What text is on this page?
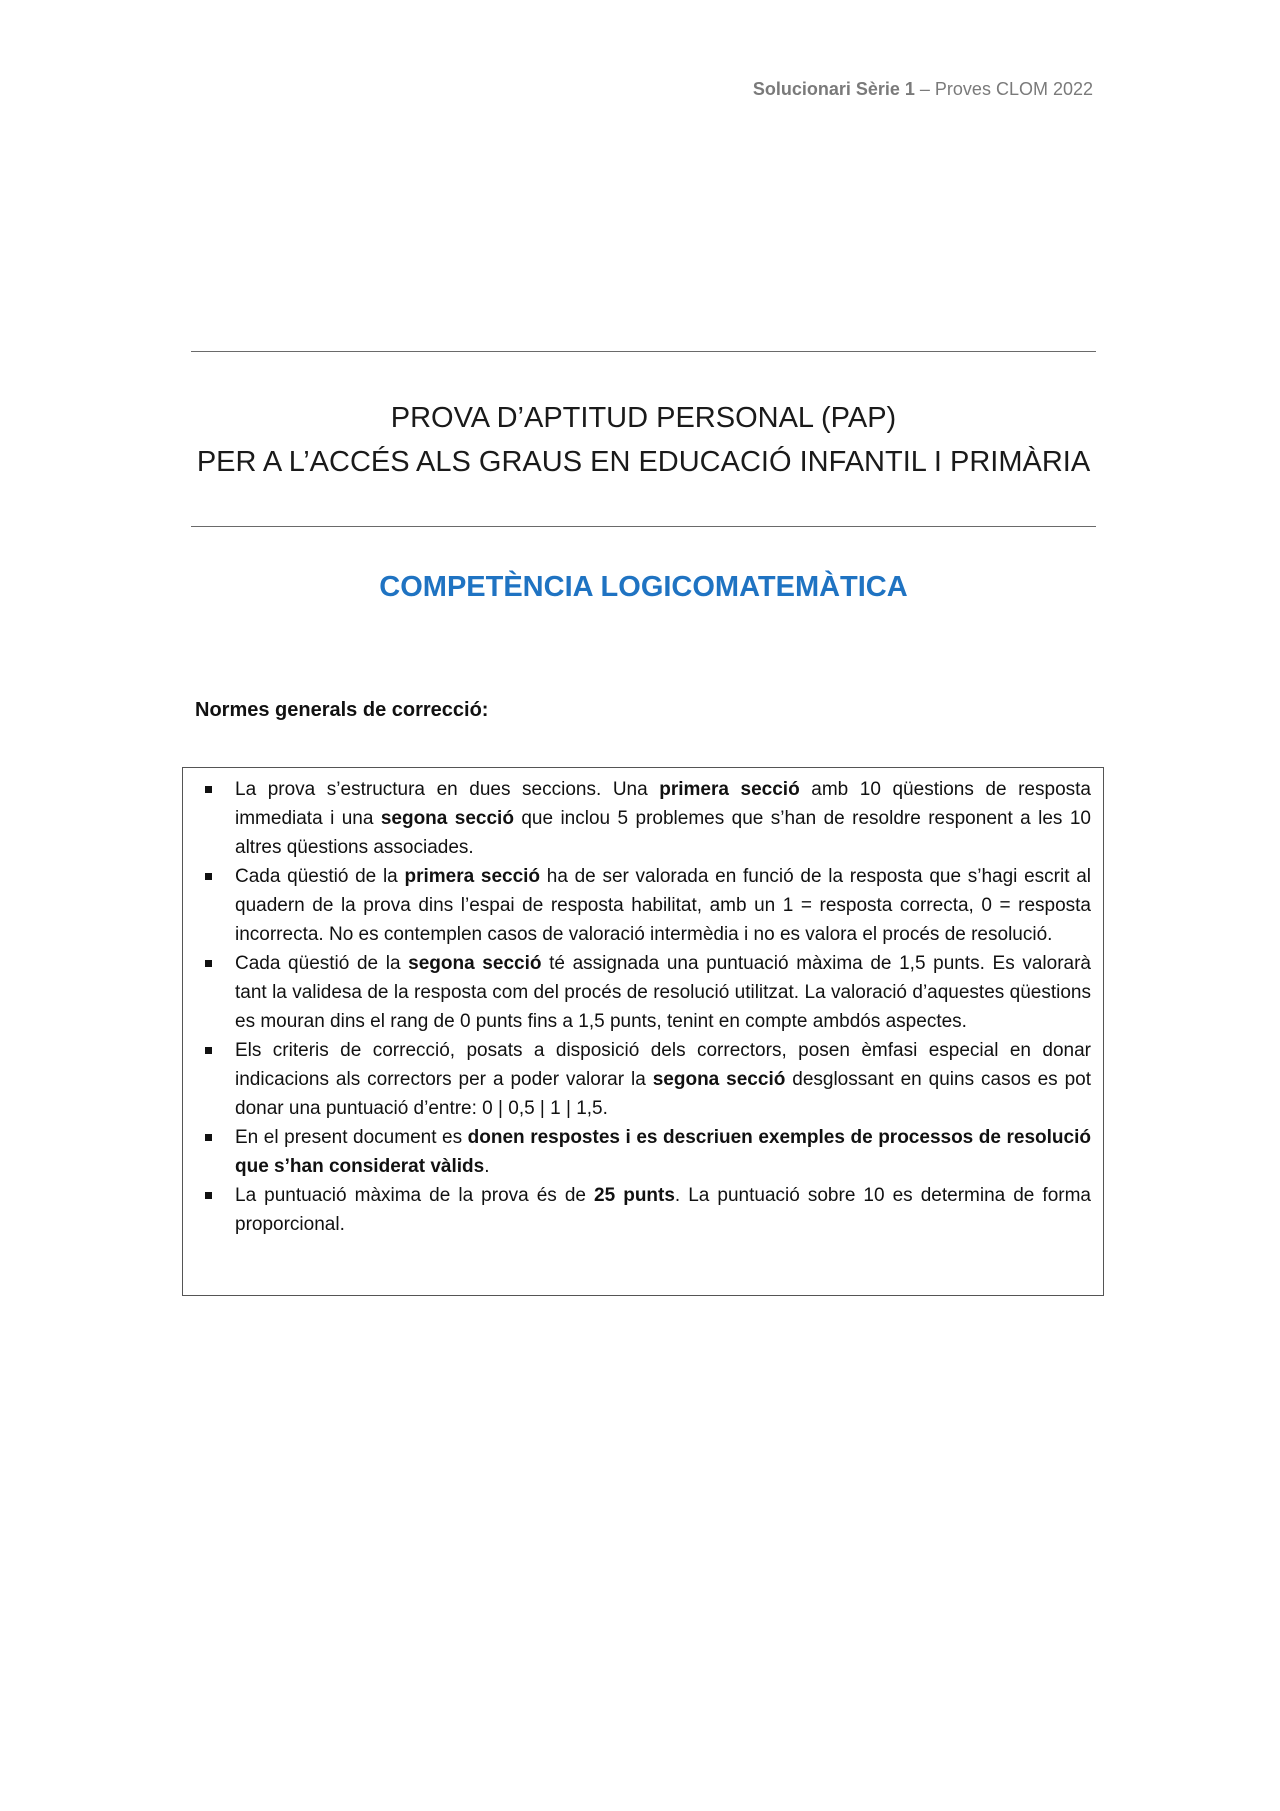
Solucionari Sèrie 1 – Proves CLOM 2022
PROVA D’APTITUD PERSONAL (PAP)
PER A L’ACCÉS ALS GRAUS EN EDUCACIÓ INFANTIL I PRIMÀRIA
COMPETÈNCIA LOGICOMATEMÀTICA
Normes generals de correcció:
La prova s’estructura en dues seccions. Una primera secció amb 10 qüestions de resposta immediata i una segona secció que inclou 5 problemes que s’han de resoldre responent a les 10 altres qüestions associades.
Cada qüestió de la primera secció ha de ser valorada en funció de la resposta que s’hagi escrit al quadern de la prova dins l’espai de resposta habilitat, amb un 1 = resposta correcta, 0 = resposta incorrecta. No es contemplen casos de valoració intermèdia i no es valora el procés de resolució.
Cada qüestió de la segona secció té assignada una puntuació màxima de 1,5 punts. Es valorarà tant la validesa de la resposta com del procés de resolució utilitzat. La valoració d’aquestes qüestions es mouran dins el rang de 0 punts fins a 1,5 punts, tenint en compte ambdós aspectes.
Els criteris de correcció, posats a disposició dels correctors, posen èmfasi especial en donar indicacions als correctors per a poder valorar la segona secció desglossant en quins casos es pot donar una puntuació d’entre: 0 | 0,5 | 1 | 1,5.
En el present document es donen respostes i es descriuen exemples de processos de resolució que s’han considerat vàlids.
La puntuació màxima de la prova és de 25 punts. La puntuació sobre 10 es determina de forma proporcional.
